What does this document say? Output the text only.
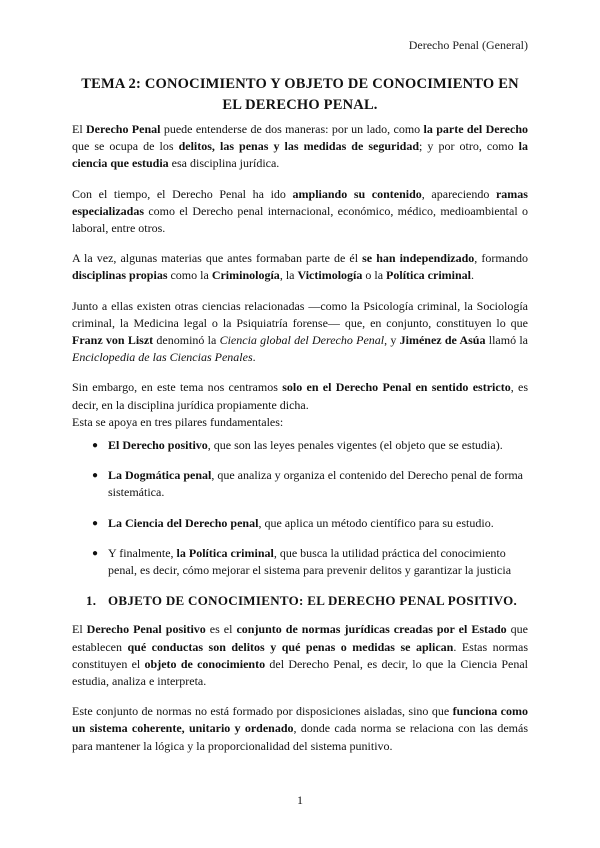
Derecho Penal (General)
TEMA 2: CONOCIMIENTO Y OBJETO DE CONOCIMIENTO EN EL DERECHO PENAL.

El Derecho Penal puede entenderse de dos maneras: por un lado, como la parte del Derecho que se ocupa de los delitos, las penas y las medidas de seguridad; y por otro, como la ciencia que estudia esa disciplina jurídica.

Con el tiempo, el Derecho Penal ha ido ampliando su contenido, apareciendo ramas especializadas como el Derecho penal internacional, económico, médico, medioambiental o laboral, entre otros.

A la vez, algunas materias que antes formaban parte de él se han independizado, formando disciplinas propias como la Criminología, la Victimología o la Política criminal.

Junto a ellas existen otras ciencias relacionadas —como la Psicología criminal, la Sociología criminal, la Medicina legal o la Psiquiatría forense— que, en conjunto, constituyen lo que Franz von Liszt denominó la Ciencia global del Derecho Penal, y Jiménez de Asúa llamó la Enciclopedia de las Ciencias Penales.

Sin embargo, en este tema nos centramos solo en el Derecho Penal en sentido estricto, es decir, en la disciplina jurídica propiamente dicha.

Esta se apoya en tres pilares fundamentales:

● El Derecho positivo, que son las leyes penales vigentes (el objeto que se estudia).
● La Dogmática penal, que analiza y organiza el contenido del Derecho penal de forma sistemática.
● La Ciencia del Derecho penal, que aplica un método científico para su estudio.
● Y finalmente, la Política criminal, que busca la utilidad práctica del conocimiento penal, es decir, cómo mejorar el sistema para prevenir delitos y garantizar la justicia
1. OBJETO DE CONOCIMIENTO: EL DERECHO PENAL POSITIVO.

El Derecho Penal positivo es el conjunto de normas jurídicas creadas por el Estado que establecen qué conductas son delitos y qué penas o medidas se aplican. Estas normas constituyen el objeto de conocimiento del Derecho Penal, es decir, lo que la Ciencia Penal estudia, analiza e interpreta.

Este conjunto de normas no está formado por disposiciones aisladas, sino que funciona como un sistema coherente, unitario y ordenado, donde cada norma se relaciona con las demás para mantener la lógica y la proporcionalidad del sistema punitivo.

1
